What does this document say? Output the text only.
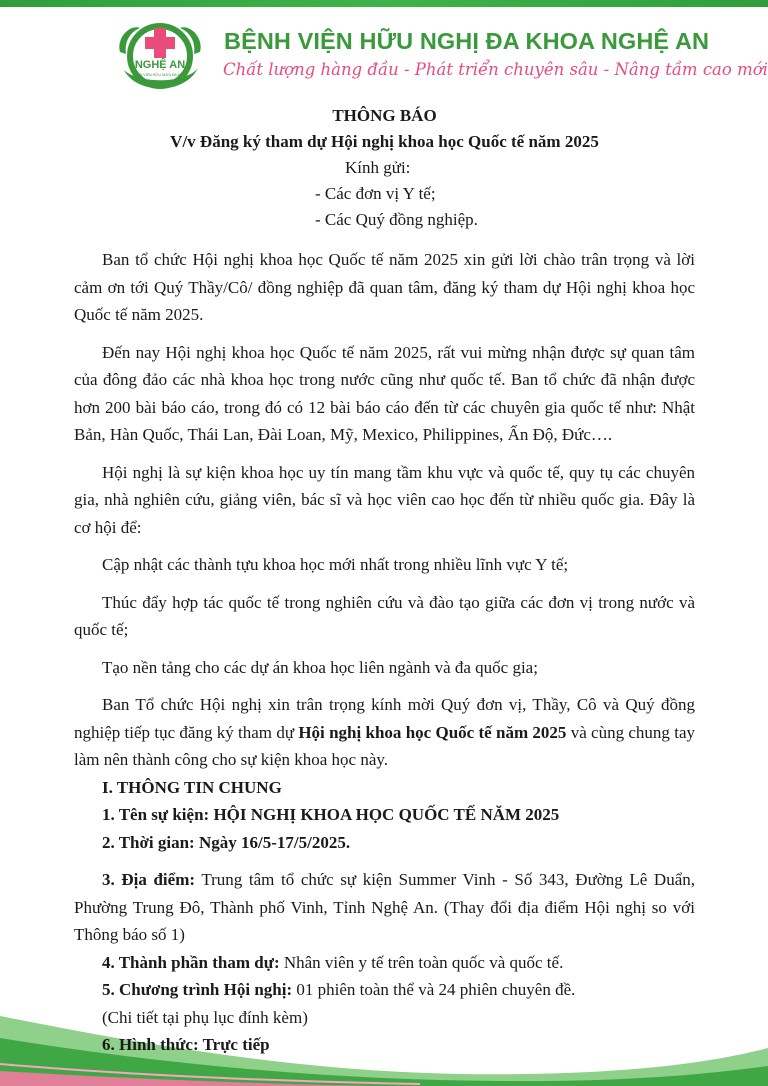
NGHỆ AN
BỆNH VIỆN HỮU NGHỊ ĐA KHOA
BỆNH VIỆN HỮU NGHỊ ĐA KHOA NGHỆ AN
Chất lượng hàng đầu - Phát triển chuyên sâu - Nâng tầm cao mới
THÔNG BÁO
V/v Đăng ký tham dự Hội nghị khoa học Quốc tế năm 2025
Kính gửi:
- Các đơn vị Y tế;
- Các Quý đồng nghiệp.

Ban tổ chức Hội nghị khoa học Quốc tế năm 2025 xin gửi lời chào trân trọng và lời cảm ơn tới Quý Thầy/Cô/ đồng nghiệp đã quan tâm, đăng ký tham dự Hội nghị khoa học Quốc tế năm 2025.

Đến nay Hội nghị khoa học Quốc tế năm 2025, rất vui mừng nhận được sự quan tâm của đông đảo các nhà khoa học trong nước cũng như quốc tế. Ban tổ chức đã nhận được hơn 200 bài báo cáo, trong đó có 12 bài báo cáo đến từ các chuyên gia quốc tế như: Nhật Bản, Hàn Quốc, Thái Lan, Đài Loan, Mỹ, Mexico, Philippines, Ấn Độ, Đức….

Hội nghị là sự kiện khoa học uy tín mang tầm khu vực và quốc tế, quy tụ các chuyên gia, nhà nghiên cứu, giảng viên, bác sĩ và học viên cao học đến từ nhiều quốc gia. Đây là cơ hội để:

Cập nhật các thành tựu khoa học mới nhất trong nhiều lĩnh vực Y tế;

Thúc đẩy hợp tác quốc tế trong nghiên cứu và đào tạo giữa các đơn vị trong nước và quốc tế;

Tạo nền tảng cho các dự án khoa học liên ngành và đa quốc gia;

Ban Tổ chức Hội nghị xin trân trọng kính mời Quý đơn vị, Thầy, Cô và Quý đồng nghiệp tiếp tục đăng ký tham dự Hội nghị khoa học Quốc tế năm 2025 và cùng chung tay làm nên thành công cho sự kiện khoa học này.

I. THÔNG TIN CHUNG

1. Tên sự kiện: HỘI NGHỊ KHOA HỌC QUỐC TẾ NĂM 2025

2. Thời gian: Ngày 16/5-17/5/2025.

3. Địa điểm: Trung tâm tổ chức sự kiện Summer Vinh - Số 343, Đường Lê Duẩn, Phường Trung Đô, Thành phố Vinh, Tỉnh Nghệ An. (Thay đổi địa điểm Hội nghị so với Thông báo số 1)

4. Thành phần tham dự: Nhân viên y tế trên toàn quốc và quốc tế.

5. Chương trình Hội nghị: 01 phiên toàn thể và 24 phiên chuyên đề.

(Chi tiết tại phụ lục đính kèm)

6. Hình thức: Trực tiếp
